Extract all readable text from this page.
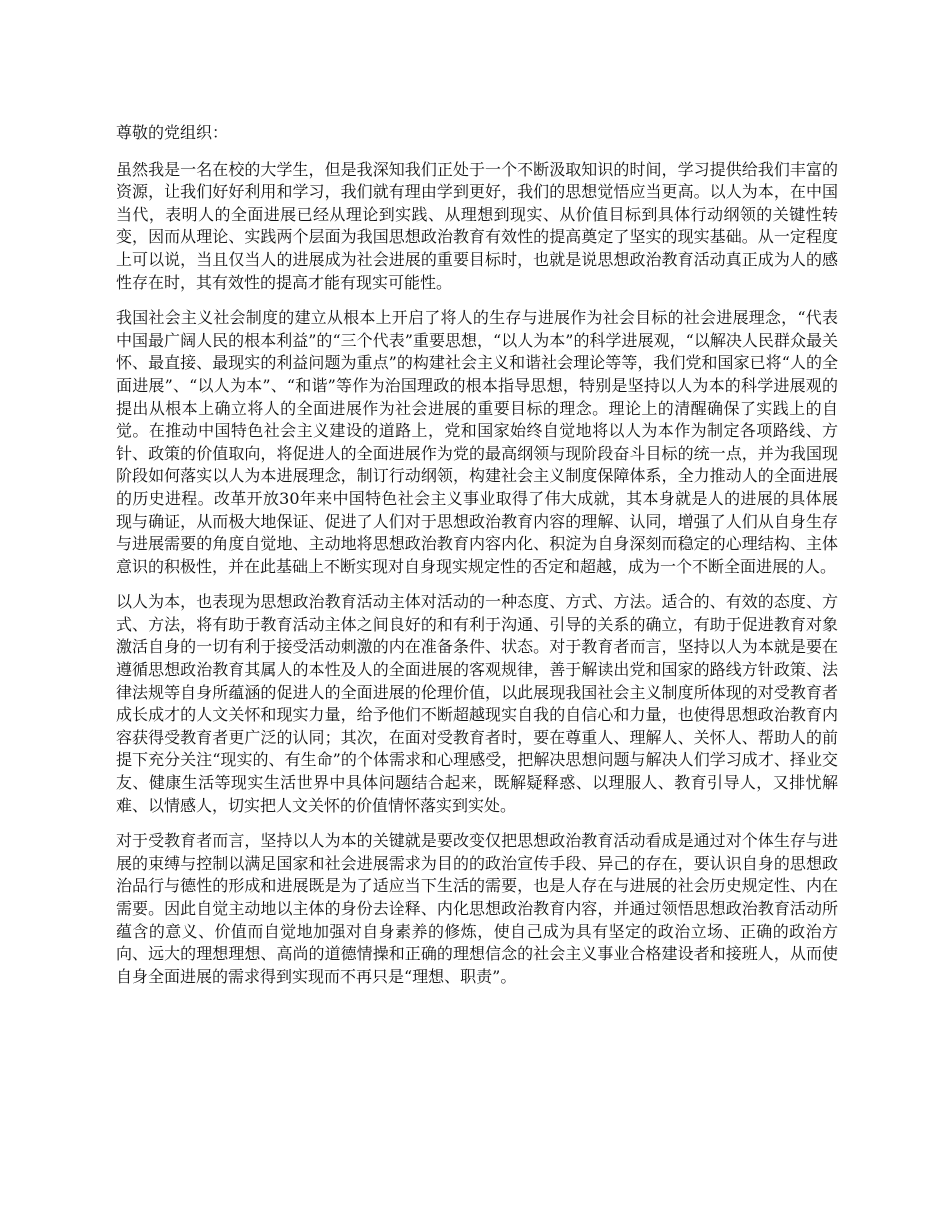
尊敬的党组织：

虽然我是一名在校的大学生，但是我深知我们正处于一个不断汲取知识的时间，学习提供给我们丰富的资源，让我们好好利用和学习，我们就有理由学到更好，我们的思想觉悟应当更高。以人为本，在中国当代，表明人的全面进展已经从理论到实践、从理想到现实、从价值目标到具体行动纲领的关键性转变，因而从理论、实践两个层面为我国思想政治教育有效性的提高奠定了坚实的现实基础。从一定程度上可以说，当且仅当人的进展成为社会进展的重要目标时，也就是说思想政治教育活动真正成为人的感性存在时，其有效性的提高才能有现实可能性。

我国社会主义社会制度的建立从根本上开启了将人的生存与进展作为社会目标的社会进展理念，“代表中国最广阔人民的根本利益”的“三个代表”重要思想，“以人为本”的科学进展观，“以解决人民群众最关怀、最直接、最现实的利益问题为重点”的构建社会主义和谐社会理论等等，我们党和国家已将“人的全面进展”、“以人为本”、“和谐”等作为治国理政的根本指导思想，特别是坚持以人为本的科学进展观的提出从根本上确立将人的全面进展作为社会进展的重要目标的理念。理论上的清醒确保了实践上的自觉。在推动中国特色社会主义建设的道路上，党和国家始终自觉地将以人为本作为制定各项路线、方针、政策的价值取向，将促进人的全面进展作为党的最高纲领与现阶段奋斗目标的统一点，并为我国现阶段如何落实以人为本进展理念，制订行动纲领，构建社会主义制度保障体系，全力推动人的全面进展的历史进程。改革开放30年来中国特色社会主义事业取得了伟大成就，其本身就是人的进展的具体展现与确证，从而极大地保证、促进了人们对于思想政治教育内容的理解、认同，增强了人们从自身生存与进展需要的角度自觉地、主动地将思想政治教育内容内化、积淀为自身深刻而稳定的心理结构、主体意识的积极性，并在此基础上不断实现对自身现实规定性的否定和超越，成为一个不断全面进展的人。

以人为本，也表现为思想政治教育活动主体对活动的一种态度、方式、方法。适合的、有效的态度、方式、方法，将有助于教育活动主体之间良好的和有利于沟通、引导的关系的确立，有助于促进教育对象激活自身的一切有利于接受活动刺激的内在准备条件、状态。对于教育者而言，坚持以人为本就是要在遵循思想政治教育其属人的本性及人的全面进展的客观规律，善于解读出党和国家的路线方针政策、法律法规等自身所蕴涵的促进人的全面进展的伦理价值，以此展现我国社会主义制度所体现的对受教育者成长成才的人文关怀和现实力量，给予他们不断超越现实自我的自信心和力量，也使得思想政治教育内容获得受教育者更广泛的认同；其次，在面对受教育者时，要在尊重人、理解人、关怀人、帮助人的前提下充分关注“现实的、有生命”的个体需求和心理感受，把解决思想问题与解决人们学习成才、择业交友、健康生活等现实生活世界中具体问题结合起来，既解疑释惑、以理服人、教育引导人，又排忧解难、以情感人，切实把人文关怀的价值情怀落实到实处。

对于受教育者而言，坚持以人为本的关键就是要改变仅把思想政治教育活动看成是通过对个体生存与进展的束缚与控制以满足国家和社会进展需求为目的的政治宣传手段、异己的存在，要认识自身的思想政治品行与德性的形成和进展既是为了适应当下生活的需要，也是人存在与进展的社会历史规定性、内在需要。因此自觉主动地以主体的身份去诠释、内化思想政治教育内容，并通过领悟思想政治教育活动所蕴含的意义、价值而自觉地加强对自身素养的修炼，使自己成为具有坚定的政治立场、正确的政治方向、远大的理想理想、高尚的道德情操和正确的理想信念的社会主义事业合格建设者和接班人，从而使自身全面进展的需求得到实现而不再只是“理想、职责”。
